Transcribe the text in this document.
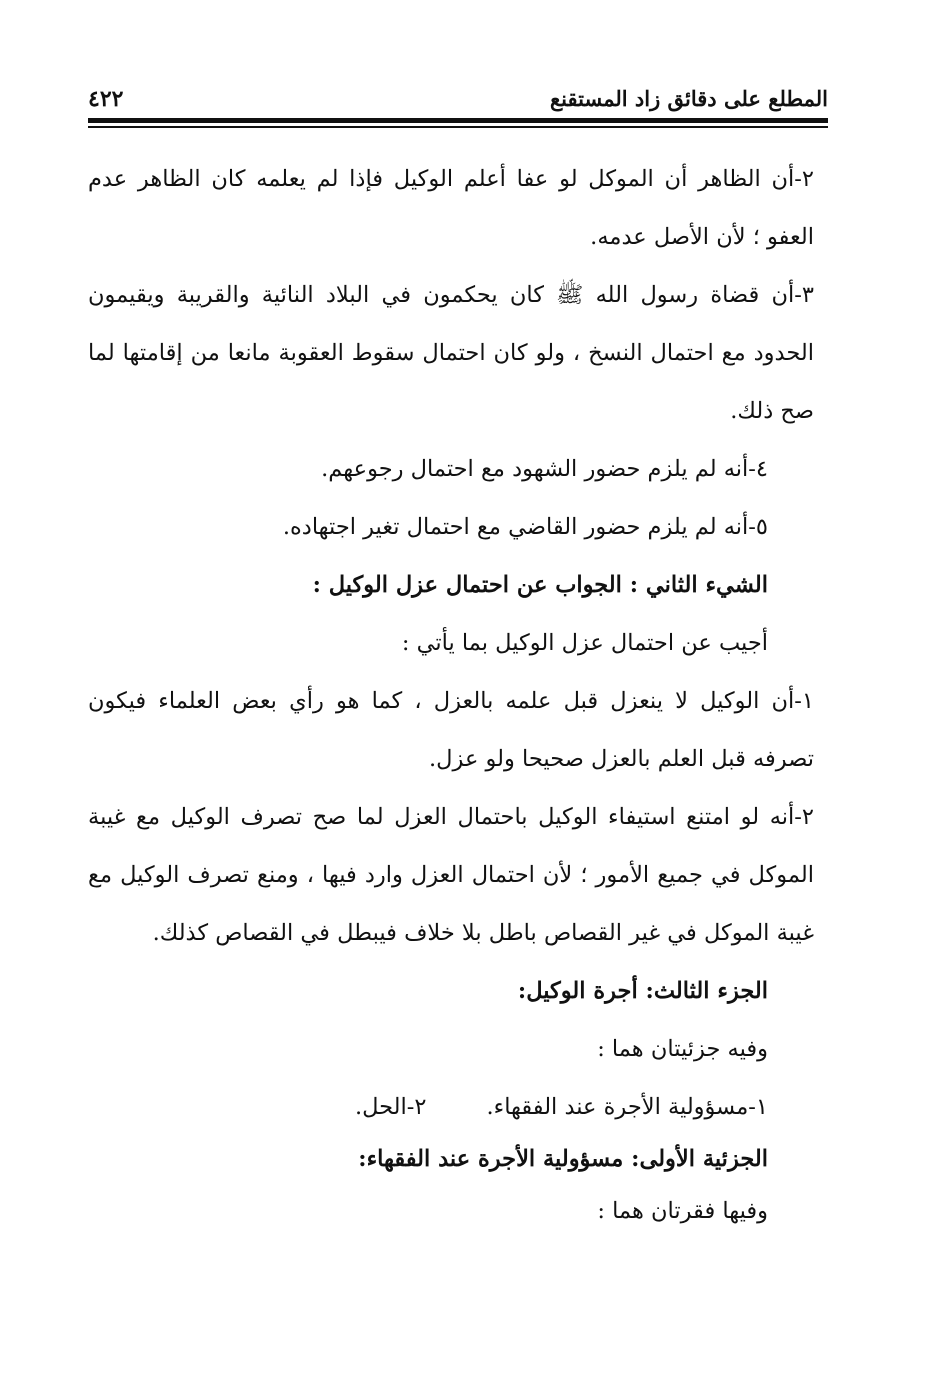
المطلع على دقائق زاد المستقنع
٤٢٢

٢-أن الظاهر أن الموكل لو عفا أعلم الوكيل فإذا لم يعلمه كان الظاهر عدم العفو ؛ لأن الأصل عدمه.

٣-أن قضاة رسول الله ﷺ كان يحكمون في البلاد النائية والقريبة ويقيمون الحدود مع احتمال النسخ ، ولو كان احتمال سقوط العقوبة مانعا من إقامتها لما صح ذلك.

٤-أنه لم يلزم حضور الشهود مع احتمال رجوعهم.

٥-أنه لم يلزم حضور القاضي مع احتمال تغير اجتهاده.

الشيء الثاني : الجواب عن احتمال عزل الوكيل :

أجيب عن احتمال عزل الوكيل بما يأتي :

١-أن الوكيل لا ينعزل قبل علمه بالعزل ، كما هو رأي بعض العلماء فيكون تصرفه قبل العلم بالعزل صحيحا ولو عزل.

٢-أنه لو امتنع استيفاء الوكيل باحتمال العزل لما صح تصرف الوكيل مع غيبة الموكل في جميع الأمور ؛ لأن احتمال العزل وارد فيها ، ومنع تصرف الوكيل مع غيبة الموكل في غير القصاص باطل بلا خلاف فيبطل في القصاص كذلك.

الجزء الثالث: أجرة الوكيل:

وفيه جزئيتان هما :

١-مسؤولية الأجرة عند الفقهاء.٢-الحل.

الجزئية الأولى: مسؤولية الأجرة عند الفقهاء:

وفيها فقرتان هما :
